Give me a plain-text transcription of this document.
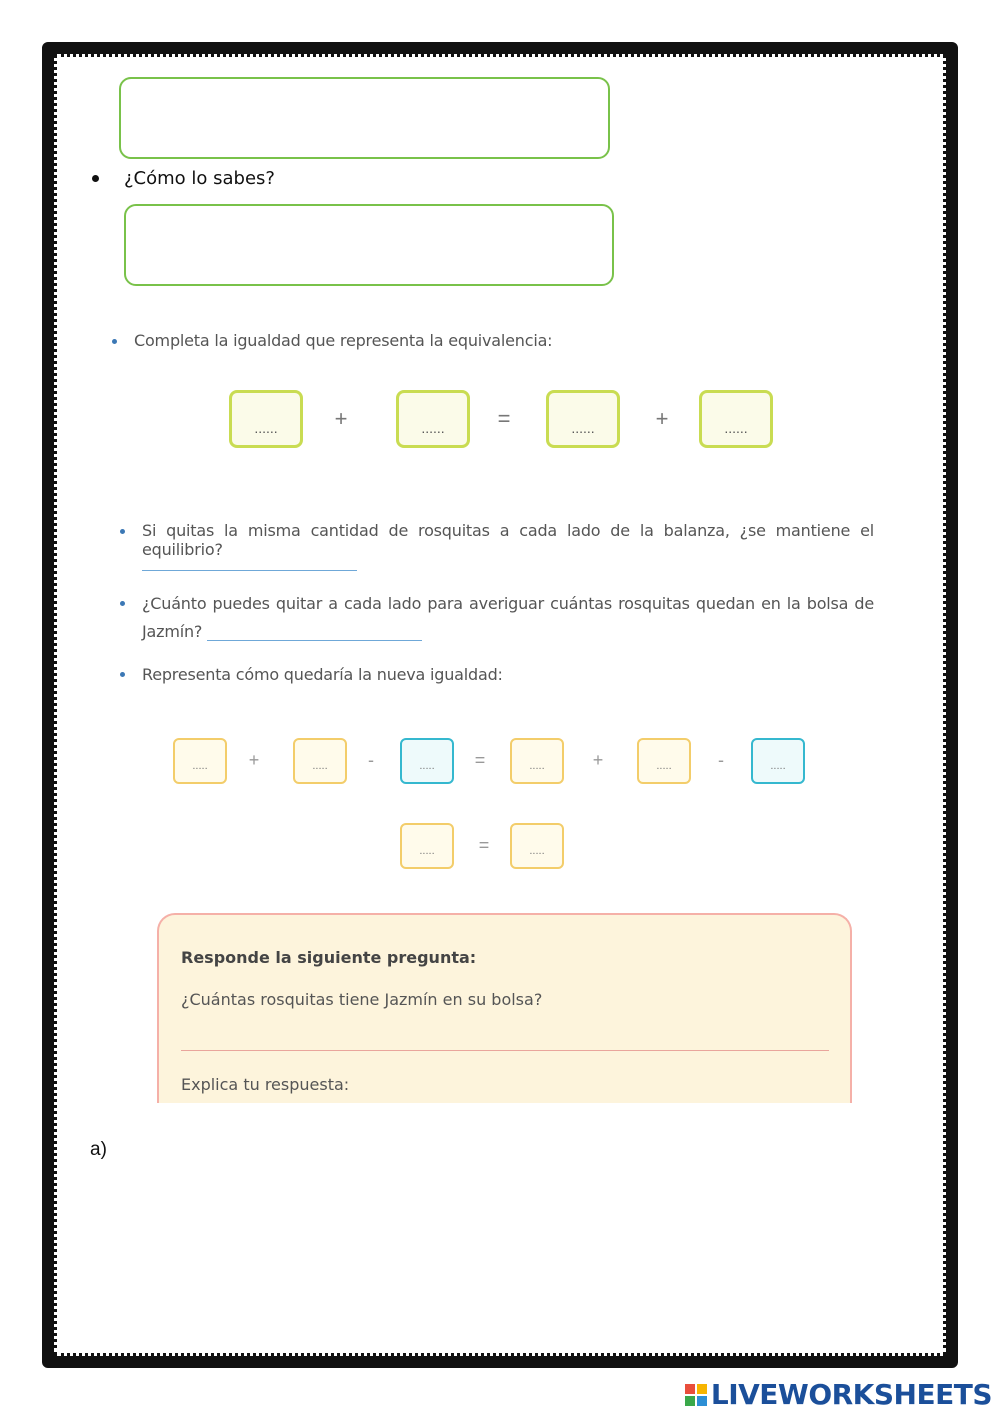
¿Cómo lo sabes?
Completa la igualdad que representa la equivalencia:
......	+	......	=	......	+	......
Si quitas la misma cantidad de rosquitas a cada lado de la balanza, ¿se mantiene el equilibrio?
¿Cuánto puedes quitar a cada lado para averiguar cuántas rosquitas quedan en la bolsa de
Jazmín?
Representa cómo quedaría la nueva igualdad:
.....	+	.....	-	.....	=	.....	+	.....	-	.....
.....	=	.....
Responde la siguiente pregunta:
¿Cuántas rosquitas tiene Jazmín en su bolsa?
Explica tu respuesta:
a)
LIVEWORKSHEETS
